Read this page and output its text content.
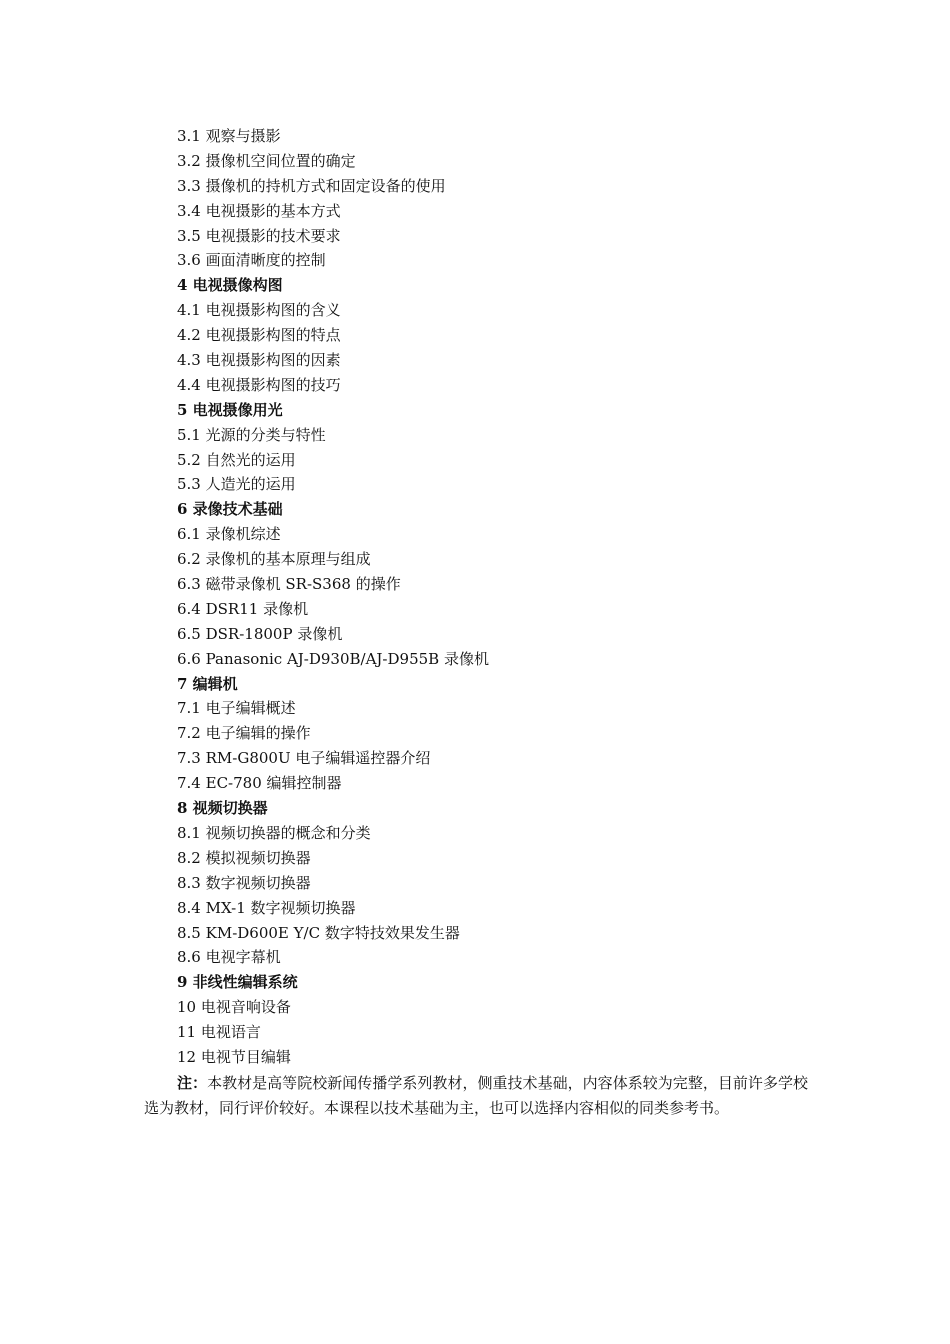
3.1 观察与摄影
3.2 摄像机空间位置的确定
3.3 摄像机的持机方式和固定设备的使用
3.4 电视摄影的基本方式
3.5 电视摄影的技术要求
3.6 画面清晰度的控制
4 电视摄像构图
4.1 电视摄影构图的含义
4.2 电视摄影构图的特点
4.3 电视摄影构图的因素
4.4 电视摄影构图的技巧
5 电视摄像用光
5.1 光源的分类与特性
5.2 自然光的运用
5.3 人造光的运用
6 录像技术基础
6.1 录像机综述
6.2 录像机的基本原理与组成
6.3 磁带录像机 SR-S368 的操作
6.4 DSR11 录像机
6.5 DSR-1800P 录像机
6.6 Panasonic AJ-D930B/AJ-D955B 录像机
7 编辑机
7.1 电子编辑概述
7.2 电子编辑的操作
7.3 RM-G800U 电子编辑遥控器介绍
7.4 EC-780 编辑控制器
8 视频切换器
8.1 视频切换器的概念和分类
8.2 模拟视频切换器
8.3 数字视频切换器
8.4 MX-1 数字视频切换器
8.5 KM-D600E Y/C 数字特技效果发生器
8.6 电视字幕机
9 非线性编辑系统
10 电视音响设备
11 电视语言
12 电视节目编辑

注：本教材是高等院校新闻传播学系列教材，侧重技术基础，内容体系较为完整，目前许多学校选为教材，同行评价较好。本课程以技术基础为主，也可以选择内容相似的同类参考书。
